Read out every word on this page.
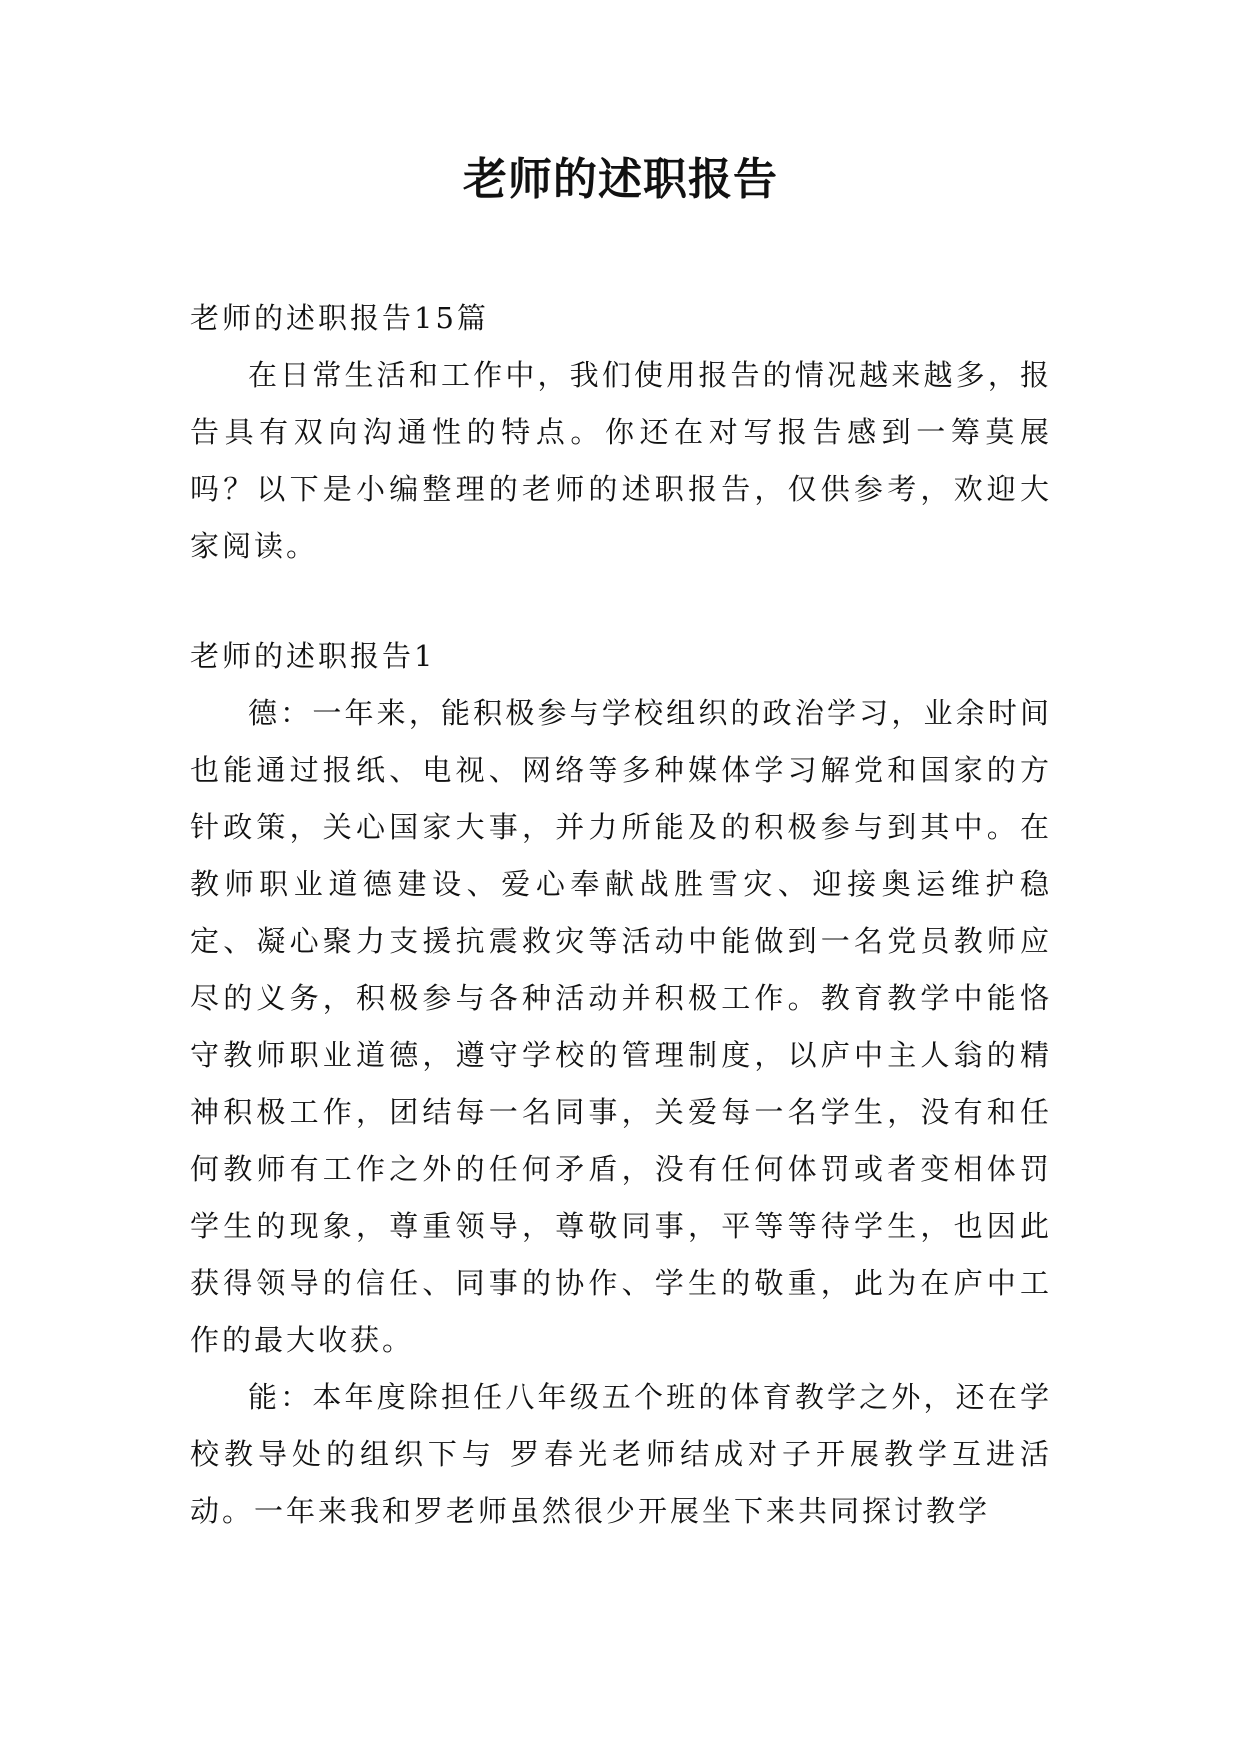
老师的述职报告

老师的述职报告15篇

在日常生活和工作中，我们使用报告的情况越来越多，报告具有双向沟通性的特点。你还在对写报告感到一筹莫展吗？以下是小编整理的老师的述职报告，仅供参考，欢迎大家阅读。

老师的述职报告1

德：一年来，能积极参与学校组织的政治学习，业余时间也能通过报纸、电视、网络等多种媒体学习解党和国家的方针政策，关心国家大事，并力所能及的积极参与到其中。在教师职业道德建设、爱心奉献战胜雪灾、迎接奥运维护稳定、凝心聚力支援抗震救灾等活动中能做到一名党员教师应尽的义务，积极参与各种活动并积极工作。教育教学中能恪守教师职业道德，遵守学校的管理制度，以庐中主人翁的精神积极工作，团结每一名同事，关爱每一名学生，没有和任何教师有工作之外的任何矛盾，没有任何体罚或者变相体罚学生的现象，尊重领导，尊敬同事，平等等待学生，也因此获得领导的信任、同事的协作、学生的敬重，此为在庐中工作的最大收获。

能：本年度除担任八年级五个班的体育教学之外，还在学校教导处的组织下与 罗春光老师结成对子开展教学互进活动。一年来我和罗老师虽然很少开展坐下来共同探讨教学
